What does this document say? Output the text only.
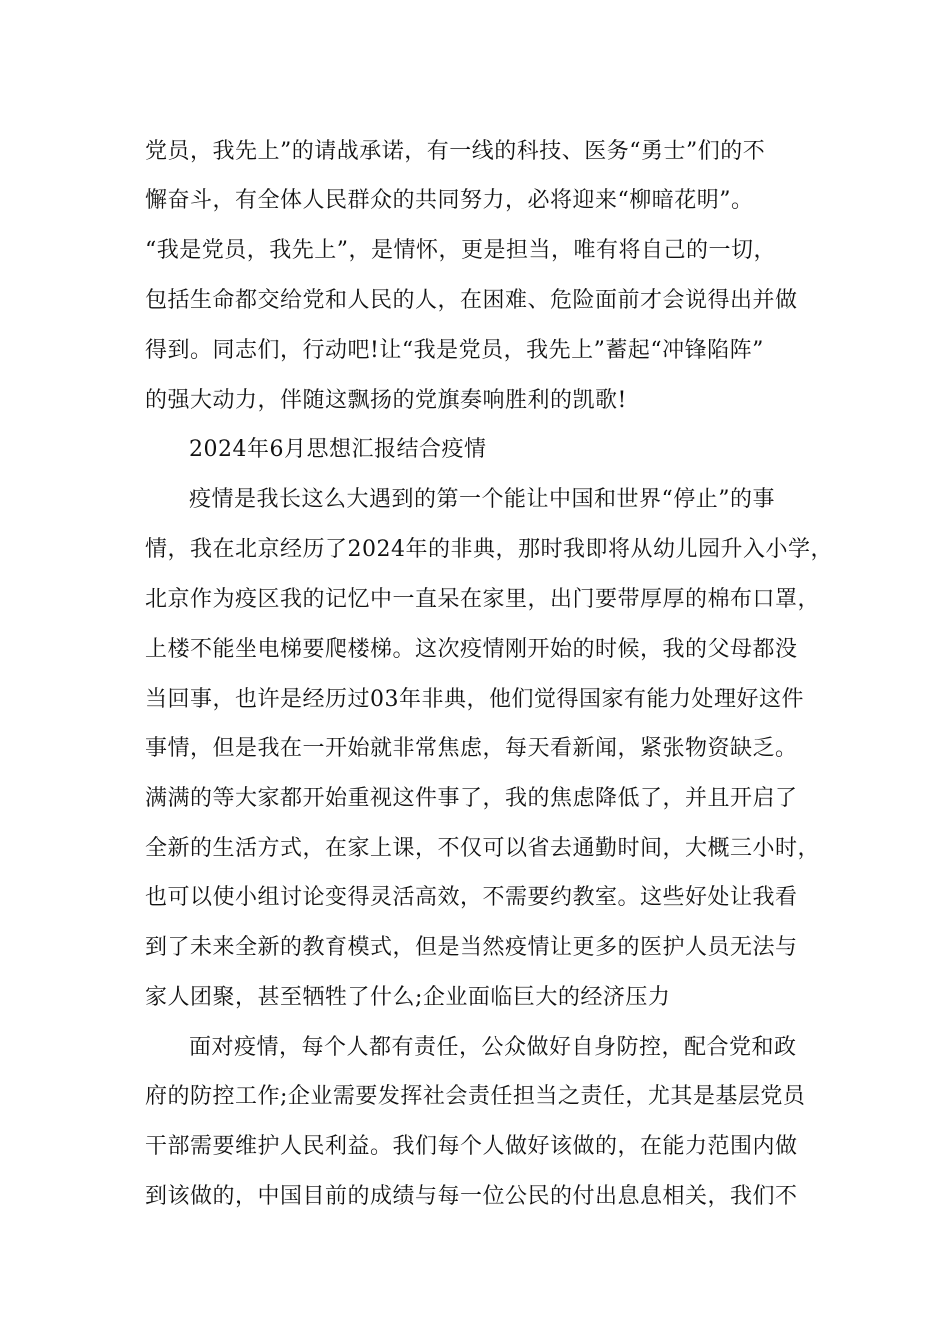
党员，我先上”的请战承诺，有一线的科技、医务“勇士”们的不
懈奋斗，有全体人民群众的共同努力，必将迎来“柳暗花明”。
“我是党员，我先上”，是情怀，更是担当，唯有将自己的一切，
包括生命都交给党和人民的人，在困难、危险面前才会说得出并做
得到。同志们，行动吧!让“我是党员，我先上”蓄起“冲锋陷阵”
的强大动力，伴随这飘扬的党旗奏响胜利的凯歌!
2024年6月思想汇报结合疫情
疫情是我长这么大遇到的第一个能让中国和世界“停止”的事
情，我在北京经历了2024年的非典，那时我即将从幼儿园升入小学，
北京作为疫区我的记忆中一直呆在家里，出门要带厚厚的棉布口罩，
上楼不能坐电梯要爬楼梯。这次疫情刚开始的时候，我的父母都没
当回事，也许是经历过03年非典，他们觉得国家有能力处理好这件
事情，但是我在一开始就非常焦虑，每天看新闻，紧张物资缺乏。
满满的等大家都开始重视这件事了，我的焦虑降低了，并且开启了
全新的生活方式，在家上课，不仅可以省去通勤时间，大概三小时，
也可以使小组讨论变得灵活高效，不需要约教室。这些好处让我看
到了未来全新的教育模式，但是当然疫情让更多的医护人员无法与
家人团聚，甚至牺牲了什么;企业面临巨大的经济压力
面对疫情，每个人都有责任，公众做好自身防控，配合党和政
府的防控工作;企业需要发挥社会责任担当之责任，尤其是基层党员
干部需要维护人民利益。我们每个人做好该做的，在能力范围内做
到该做的，中国目前的成绩与每一位公民的付出息息相关，我们不
